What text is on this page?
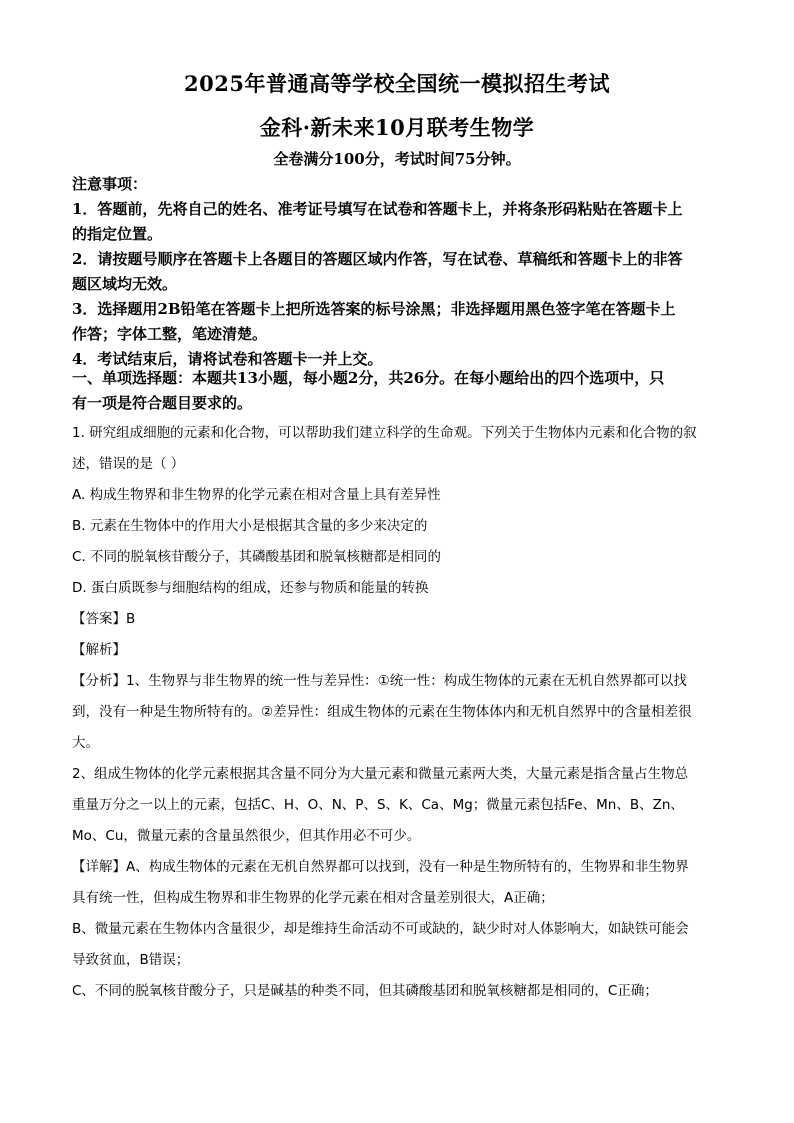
2025年普通高等学校全国统一模拟招生考试
金科·新未来10月联考生物学
全卷满分100分，考试时间75分钟。
注意事项：
1．答题前，先将自己的姓名、准考证号填写在试卷和答题卡上，并将条形码粘贴在答题卡上
的指定位置。
2．请按题号顺序在答题卡上各题目的答题区域内作答，写在试卷、草稿纸和答题卡上的非答
题区域均无效。
3．选择题用2B铅笔在答题卡上把所选答案的标号涂黑；非选择题用黑色签字笔在答题卡上
作答；字体工整，笔迹清楚。
4．考试结束后，请将试卷和答题卡一并上交。
一、单项选择题：本题共13小题，每小题2分，共26分。在每小题给出的四个选项中，只
有一项是符合题目要求的。
1. 研究组成细胞的元素和化合物，可以帮助我们建立科学的生命观。下列关于生物体内元素和化合物的叙
述，错误的是（ ）
A. 构成生物界和非生物界的化学元素在相对含量上具有差异性
B. 元素在生物体中的作用大小是根据其含量的多少来决定的
C. 不同的脱氧核苷酸分子，其磷酸基团和脱氧核糖都是相同的
D. 蛋白质既参与细胞结构的组成，还参与物质和能量的转换
【答案】B
【解析】
【分析】1、生物界与非生物界的统一性与差异性：①统一性：构成生物体的元素在无机自然界都可以找
到，没有一种是生物所特有的。②差异性：组成生物体的元素在生物体体内和无机自然界中的含量相差很
大。
2、组成生物体的化学元素根据其含量不同分为大量元素和微量元素两大类，大量元素是指含量占生物总
重量万分之一以上的元素，包括C、H、O、N、P、S、K、Ca、Mg；微量元素包括Fe、Mn、B、Zn、
Mo、Cu，微量元素的含量虽然很少，但其作用必不可少。
【详解】A、构成生物体的元素在无机自然界都可以找到，没有一种是生物所特有的，生物界和非生物界
具有统一性，但构成生物界和非生物界的化学元素在相对含量差别很大，A正确；
B、微量元素在生物体内含量很少，却是维持生命活动不可或缺的，缺少时对人体影响大，如缺铁可能会
导致贫血，B错误；
C、不同的脱氧核苷酸分子，只是碱基的种类不同，但其磷酸基团和脱氧核糖都是相同的，C正确；
